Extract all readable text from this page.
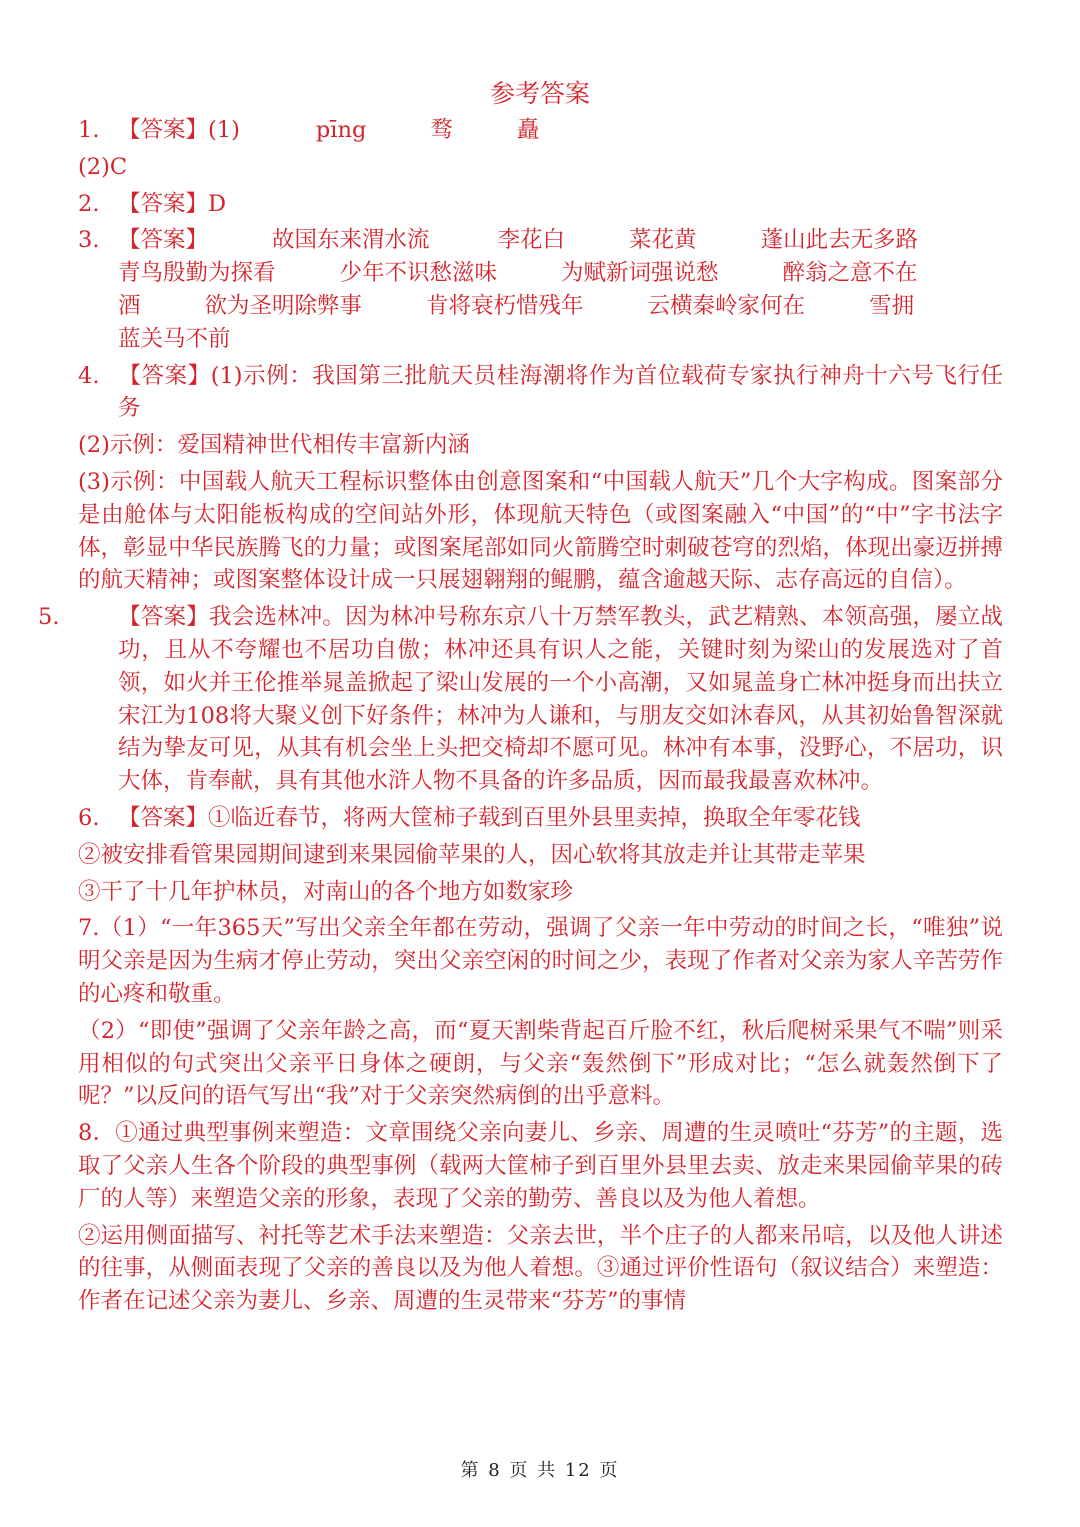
参考答案
1. 【答案】(1)	pīng	骛	矗
(2)C
2. 【答案】D
3. 【答案】	故国东来渭水流	李花白	菜花黄	蓬山此去无多路
青鸟殷勤为探看	少年不识愁滋味	为赋新词强说愁	醉翁之意不在
酒	欲为圣明除弊事	肯将衰朽惜残年	云横秦岭家何在	雪拥
蓝关马不前
4. 【答案】(1)示例：我国第三批航天员桂海潮将作为首位载荷专家执行神舟十六号飞行任务
(2)示例：爱国精神世代相传丰富新内涵
(3)示例：中国载人航天工程标识整体由创意图案和“中国载人航天”几个大字构成。图案部分是由舱体与太阳能板构成的空间站外形，体现航天特色（或图案融入“中国”的“中”字书法字体，彰显中华民族腾飞的力量；或图案尾部如同火箭腾空时刺破苍穹的烈焰，体现出豪迈拼搏的航天精神；或图案整体设计成一只展翅翱翔的鲲鹏，蕴含逾越天际、志存高远的自信）。
5.	【答案】我会选林冲。因为林冲号称东京八十万禁军教头，武艺精熟、本领高强，屡立战功，且从不夸耀也不居功自傲；林冲还具有识人之能，关键时刻为梁山的发展选对了首领，如火并王伦推举晁盖掀起了梁山发展的一个小高潮，又如晁盖身亡林冲挺身而出扶立宋江为108将大聚义创下好条件；林冲为人谦和，与朋友交如沐春风，从其初始鲁智深就结为挚友可见，从其有机会坐上头把交椅却不愿可见。林冲有本事，没野心，不居功，识大体，肯奉献，具有其他水浒人物不具备的许多品质，因而最我最喜欢林冲。
6. 【答案】①临近春节，将两大筐柿子载到百里外县里卖掉，换取全年零花钱
②被安排看管果园期间逮到来果园偷苹果的人，因心软将其放走并让其带走苹果
③干了十几年护林员，对南山的各个地方如数家珍
7.（1）“一年365天”写出父亲全年都在劳动，强调了父亲一年中劳动的时间之长，“唯独”说明父亲是因为生病才停止劳动，突出父亲空闲的时间之少，表现了作者对父亲为家人辛苦劳作的心疼和敬重。
（2）“即使”强调了父亲年龄之高，而“夏天割柴背起百斤脸不红，秋后爬树采果气不喘”则采用相似的句式突出父亲平日身体之硬朗，与父亲“轰然倒下”形成对比；“怎么就轰然倒下了呢？”以反问的语气写出“我”对于父亲突然病倒的出乎意料。
8．①通过典型事例来塑造：文章围绕父亲向妻儿、乡亲、周遭的生灵喷吐“芬芳”的主题，选取了父亲人生各个阶段的典型事例（载两大筐柿子到百里外县里去卖、放走来果园偷苹果的砖厂的人等）来塑造父亲的形象，表现了父亲的勤劳、善良以及为他人着想。
②运用侧面描写、衬托等艺术手法来塑造：父亲去世，半个庄子的人都来吊唁，以及他人讲述的往事，从侧面表现了父亲的善良以及为他人着想。③通过评价性语句（叙议结合）来塑造：作者在记述父亲为妻儿、乡亲、周遭的生灵带来“芬芳”的事情
第 8 页 共 12 页
